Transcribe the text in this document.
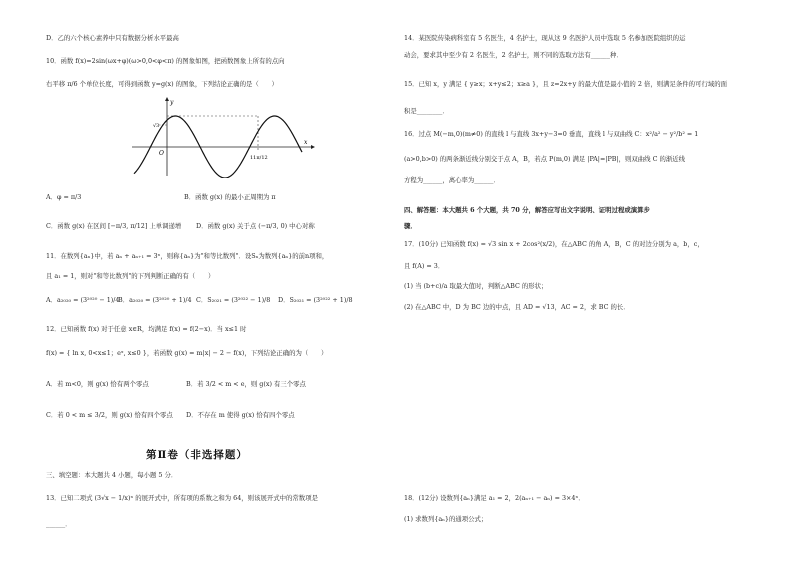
D．乙的六个核心素养中只有数据分析水平最高
10．函数 f(x)=2sin(ωx+φ)(ω>0,0<φ<π) 的图象如图，把函数图象上所有的点向
右平移 π/6 个单位长度，可得到函数 y=g(x) 的图象，下列结论正确的是（　　）
y
x
O
√3
11π/12
A．φ = π/3	B．函数 g(x) 的最小正周期为 π
C．函数 g(x) 在区间 [−π/3, π/12] 上单调递增 D．函数 g(x) 关于点 (−π/3, 0) 中心对称
11．在数列{aₙ}中，若 aₙ + aₙ₊₁ = 3ⁿ，则称{aₙ}为"和等比数列"．设Sₙ为数列{aₙ}的前n项和，
且 a₁ = 1，则对"和等比数列"的下列判断正确的有（　　）
A．a₂₀₂₀ = (3²⁰²⁰ − 1)/4
B．a₂₀₂₀ = (3²⁰²⁰ + 1)/4 C．S₂₀₂₁ = (3²⁰²² − 1)/8 D．S₂₀₂₁ = (3²⁰²² + 1)/8
12．已知函数 f(x) 对于任意 x∈R，均满足 f(x) = f(2−x)．当 x≤1 时
f(x) = { ln x, 0<x≤1；eˣ, x≤0 }，若函数 g(x) = m|x| − 2 − f(x)，下列结论正确的为（　　）
A．若 m<0，则 g(x) 恰有两个零点	B．若 3/2 < m < e，则 g(x) 有三个零点
C．若 0 < m ≤ 3/2，则 g(x) 恰有四个零点 D．不存在 m 使得 g(x) 恰有四个零点
第Ⅱ卷（非选择题）
三、填空题：本大题共 4 小题，每小题 5 分．
13．已知二项式 (3√x − 1/x)ⁿ 的展开式中，所有项的系数之和为 64，则该展开式中的常数项是
______．
14．某医院传染病科室有 5 名医生，4 名护士，现从这 9 名医护人员中选取 5 名参加医院组织的运
动会，要求其中至少有 2 名医生，2 名护士，则不同的选取方法有______种．
15．已知 x，y 满足 { y≥x；x+y≤2；x≥a }，且 z=2x+y 的最大值是最小值的 2 倍，则满足条件的可行域的面
积是________．
16．过点 M(−m,0)(m≠0) 的直线 l 与直线 3x+y−3=0 垂直，直线 l 与双曲线 C：x²/a² − y²/b² = 1
(a>0,b>0) 的两条渐近线分别交于点 A，B，若点 P(m,0) 满足 |PA|=|PB|，则双曲线 C 的渐近线
方程为______，离心率为______．
四、解答题：本大题共 6 个大题，共 70 分，解答应写出文字说明、证明过程或演算步
骤．
17．(10分) 已知函数 f(x) = √3 sin x + 2cos²(x/2)，在△ABC 的角 A，B，C 的对边分别为 a，b，c，
且 f(A) = 3．
(1) 当 (b+c)/a 取最大值时，判断△ABC 的形状；
(2) 在△ABC 中，D 为 BC 边的中点，且 AD = √13，AC = 2，求 BC 的长．
18．(12分) 设数列{aₙ}满足 a₁ = 2，2(aₙ₊₁ − aₙ) = 3×4ⁿ．
(1) 求数列{aₙ}的通项公式；
